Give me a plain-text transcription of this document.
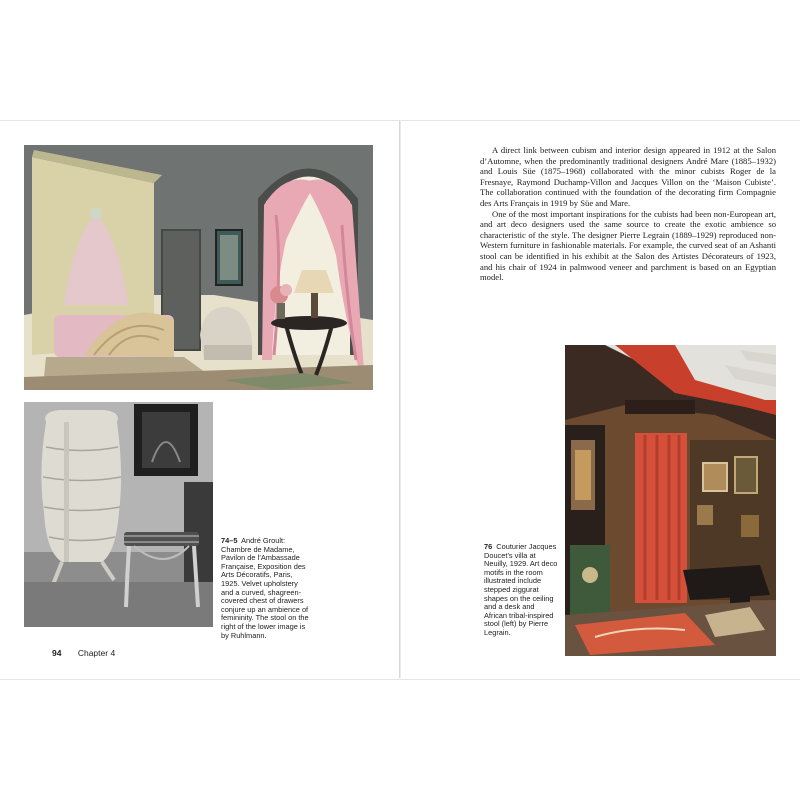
74–5 André Groult: Chambre de Madame, Pavilon de l’Ambassade Française, Exposition des Arts Décoratifs, Paris, 1925. Velvet upholstery and a curved, shagreen-covered chest of drawers conjure up an ambience of femininity. The stool on the right of the lower image is by Ruhlmann.
94 Chapter 4

A direct link between cubism and interior design appeared in 1912 at the Salon d’Automne, when the predominantly traditional designers André Mare (1885–1932) and Louis Süe (1875–1968) collaborated with the minor cubists Roger de la Fresnaye, Raymond Duchamp-Villon and Jacques Villon on the ‘Maison Cubiste’. The collaboration continued with the foundation of the decorating firm Compagnie des Arts Français in 1919 by Süe and Mare.

One of the most important inspirations for the cubists had been non-European art, and art deco designers used the same source to create the exotic ambience so characteristic of the style. The designer Pierre Legrain (1889–1929) reproduced non-Western furniture in fashionable materials. For example, the curved seat of an Ashanti stool can be identified in his exhibit at the Salon des Artistes Décorateurs of 1923, and his chair of 1924 in palmwood veneer and parchment is based on an Egyptian model.

76 Couturier Jacques Doucet’s villa at Neuilly, 1929. Art deco motifs in the room illustrated include stepped ziggurat shapes on the ceiling and a desk and African tribal-inspired stool (left) by Pierre Legrain.
